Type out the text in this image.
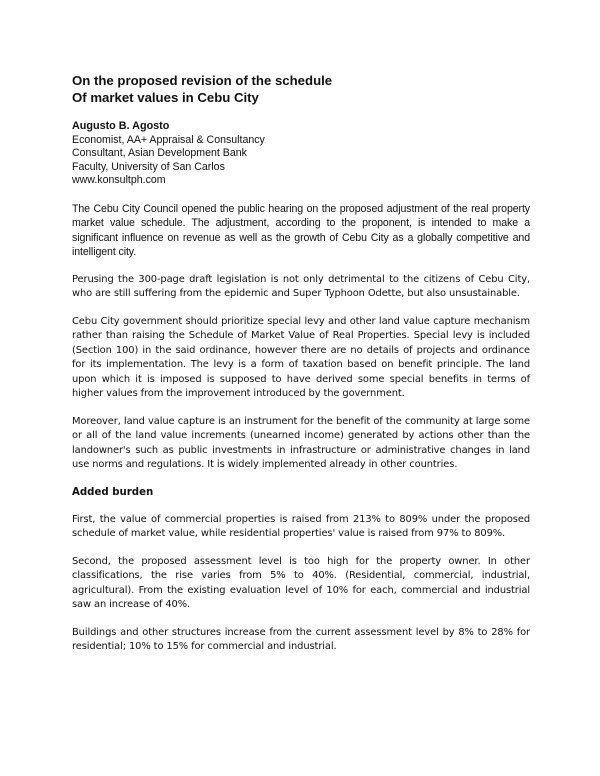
On the proposed revision of the schedule
Of market values in Cebu City
Augusto B. Agosto
Economist, AA+ Appraisal & Consultancy
Consultant, Asian Development Bank
Faculty, University of San Carlos
www.konsultph.com

The Cebu City Council opened the public hearing on the proposed adjustment of the real property market value schedule. The adjustment, according to the proponent, is intended to make a significant influence on revenue as well as the growth of Cebu City as a globally competitive and intelligent city.

Perusing the 300-page draft legislation is not only detrimental to the citizens of Cebu City, who are still suffering from the epidemic and Super Typhoon Odette, but also unsustainable.

Cebu City government should prioritize special levy and other land value capture mechanism rather than raising the Schedule of Market Value of Real Properties. Special levy is included (Section 100) in the said ordinance, however there are no details of projects and ordinance for its implementation. The levy is a form of taxation based on benefit principle. The land upon which it is imposed is supposed to have derived some special benefits in terms of higher values from the improvement introduced by the government.

Moreover, land value capture is an instrument for the benefit of the community at large some or all of the land value increments (unearned income) generated by actions other than the landowner's such as public investments in infrastructure or administrative changes in land use norms and regulations. It is widely implemented already in other countries.

Added burden

First, the value of commercial properties is raised from 213% to 809% under the proposed schedule of market value, while residential properties' value is raised from 97% to 809%.

Second, the proposed assessment level is too high for the property owner. In other classifications, the rise varies from 5% to 40%. (Residential, commercial, industrial, agricultural). From the existing evaluation level of 10% for each, commercial and industrial saw an increase of 40%.

Buildings and other structures increase from the current assessment level by 8% to 28% for residential; 10% to 15% for commercial and industrial.
